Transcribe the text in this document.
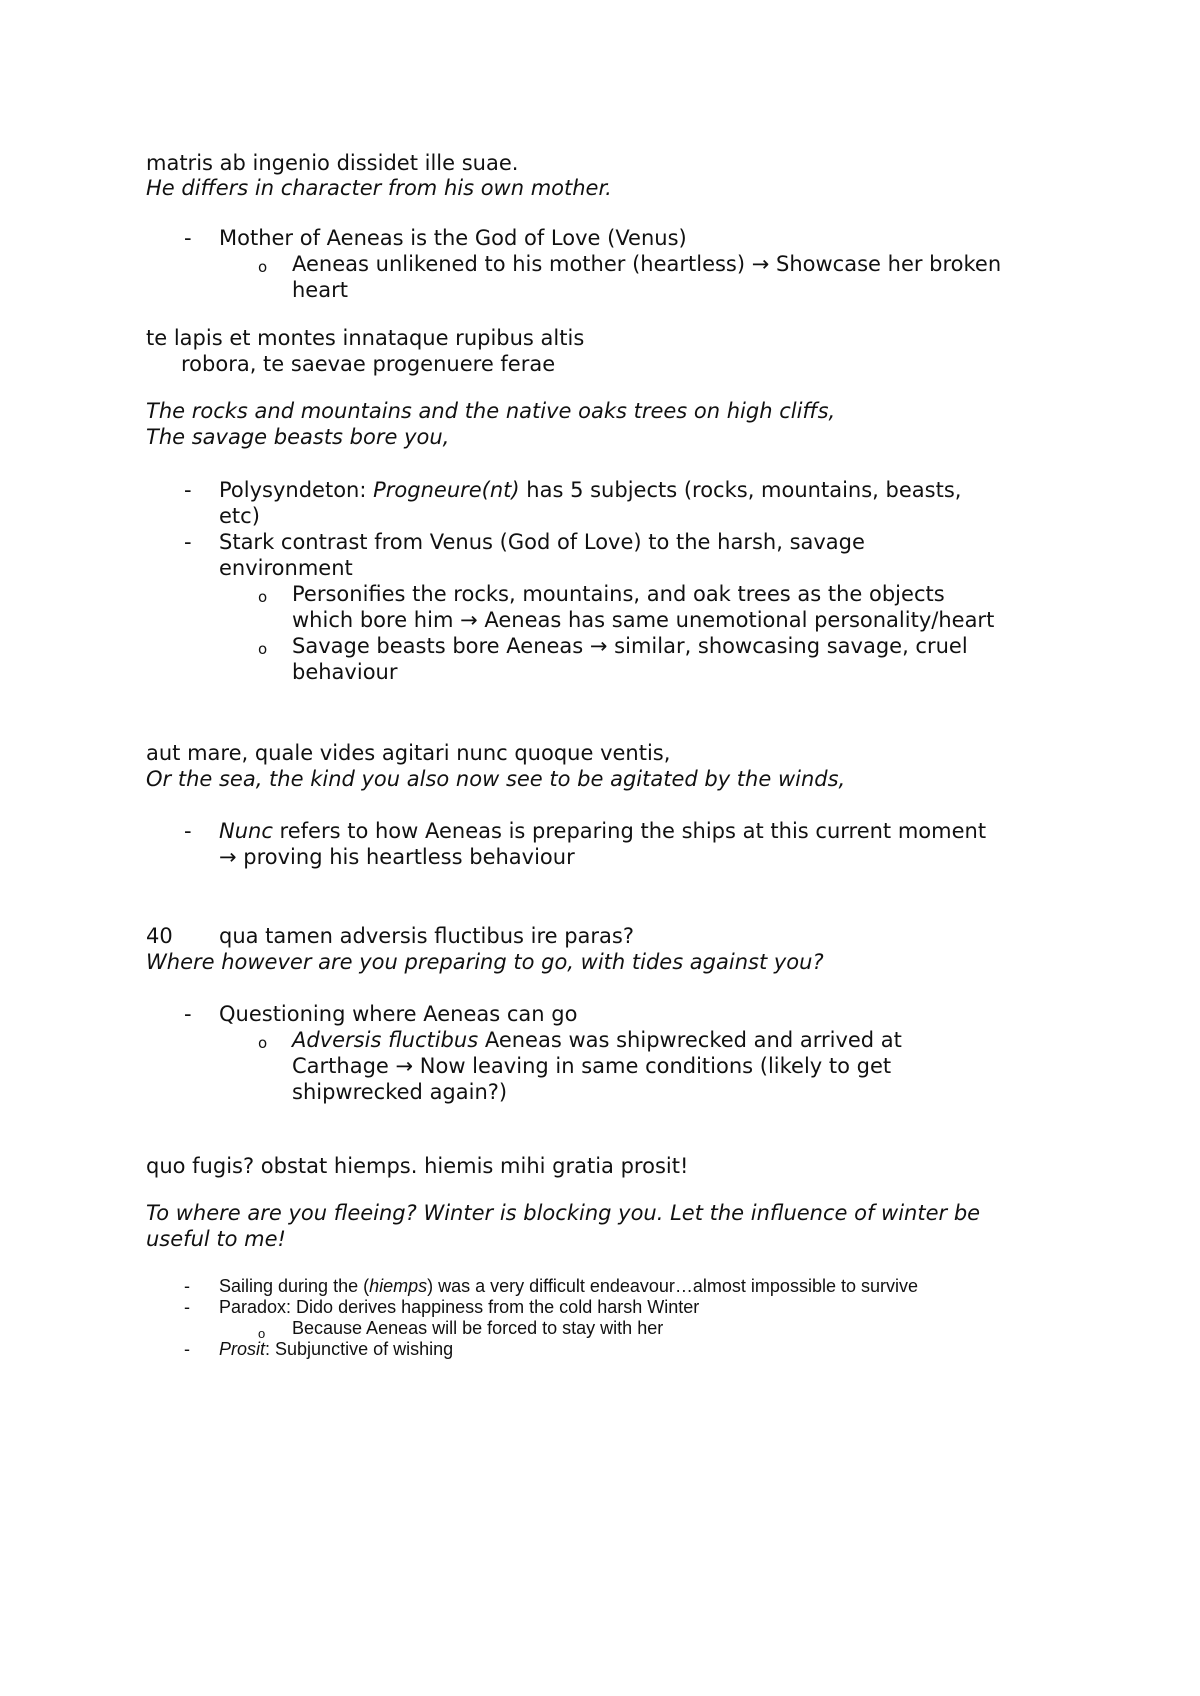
matris ab ingenio dissidet ille suae.
He differs in character from his own mother.
- Mother of Aeneas is the God of Love (Venus)
o Aeneas unlikened to his mother (heartless) → Showcase her broken
heart
te lapis et montes innataque rupibus altis
robora, te saevae progenuere ferae
The rocks and mountains and the native oaks trees on high cliffs,
The savage beasts bore you,
- Polysyndeton: Progneure(nt) has 5 subjects (rocks, mountains, beasts,
etc)
- Stark contrast from Venus (God of Love) to the harsh, savage
environment
o Personifies the rocks, mountains, and oak trees as the objects
which bore him → Aeneas has same unemotional personality/heart
o Savage beasts bore Aeneas → similar, showcasing savage, cruel
behaviour
aut mare, quale vides agitari nunc quoque ventis,
Or the sea, the kind you also now see to be agitated by the winds,
- Nunc refers to how Aeneas is preparing the ships at this current moment
→ proving his heartless behaviour
40 qua tamen adversis fluctibus ire paras?
Where however are you preparing to go, with tides against you?
- Questioning where Aeneas can go
o Adversis fluctibus Aeneas was shipwrecked and arrived at
Carthage → Now leaving in same conditions (likely to get
shipwrecked again?)
quo fugis? obstat hiemps. hiemis mihi gratia prosit!
To where are you fleeing? Winter is blocking you. Let the influence of winter be
useful to me!
- Sailing during the (hiemps) was a very difficult endeavour…almost impossible to survive
- Paradox: Dido derives happiness from the cold harsh Winter
o Because Aeneas will be forced to stay with her
- Prosit: Subjunctive of wishing
